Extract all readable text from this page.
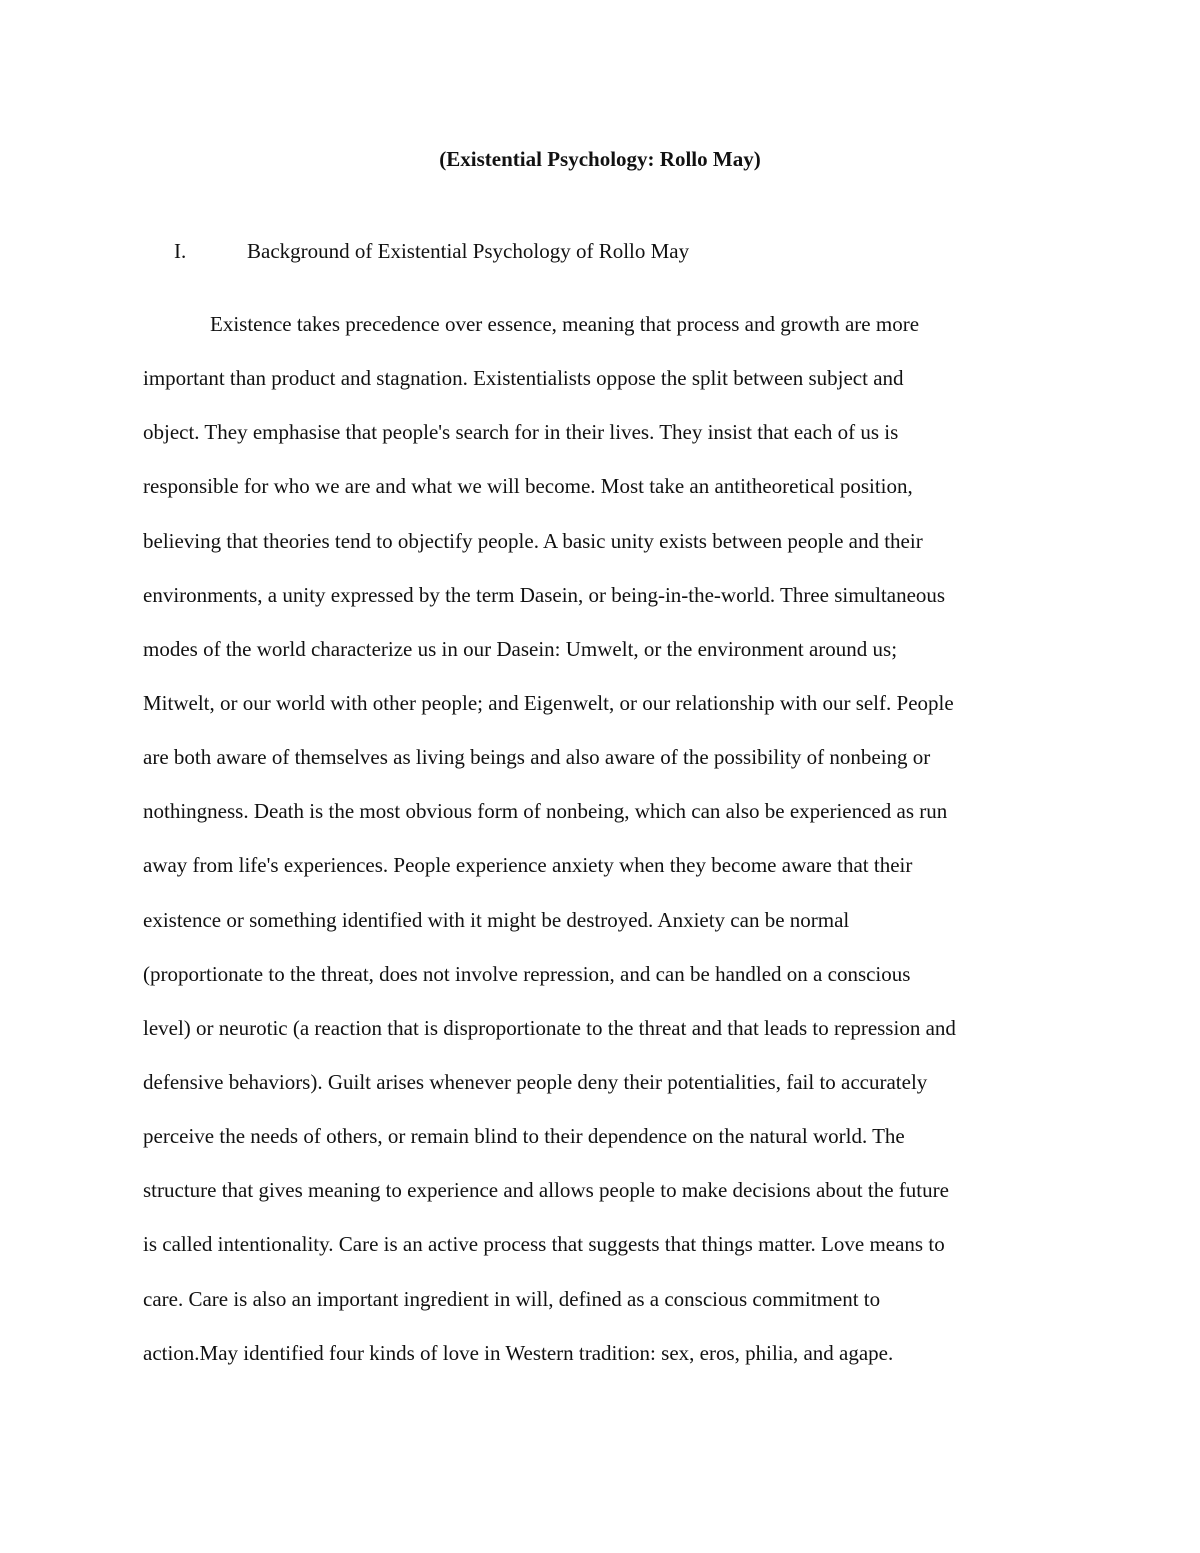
(Existential Psychology: Rollo May)

I.	Background of Existential Psychology of Rollo May

Existence takes precedence over essence, meaning that process and growth are more
important than product and stagnation. Existentialists oppose the split between subject and
object. They emphasise that people's search for in their lives. They insist that each of us is
responsible for who we are and what we will become. Most take an antitheoretical position,
believing that theories tend to objectify people. A basic unity exists between people and their
environments, a unity expressed by the term Dasein, or being-in-the-world. Three simultaneous
modes of the world characterize us in our Dasein: Umwelt, or the environment around us;
Mitwelt, or our world with other people; and Eigenwelt, or our relationship with our self. People
are both aware of themselves as living beings and also aware of the possibility of nonbeing or
nothingness. Death is the most obvious form of nonbeing, which can also be experienced as run
away from life's experiences. People experience anxiety when they become aware that their
existence or something identified with it might be destroyed. Anxiety can be normal
(proportionate to the threat, does not involve repression, and can be handled on a conscious
level) or neurotic (a reaction that is disproportionate to the threat and that leads to repression and
defensive behaviors). Guilt arises whenever people deny their potentialities, fail to accurately
perceive the needs of others, or remain blind to their dependence on the natural world. The
structure that gives meaning to experience and allows people to make decisions about the future
is called intentionality. Care is an active process that suggests that things matter. Love means to
care. Care is also an important ingredient in will, defined as a conscious commitment to
action.May identified four kinds of love in Western tradition: sex, eros, philia, and agape.
